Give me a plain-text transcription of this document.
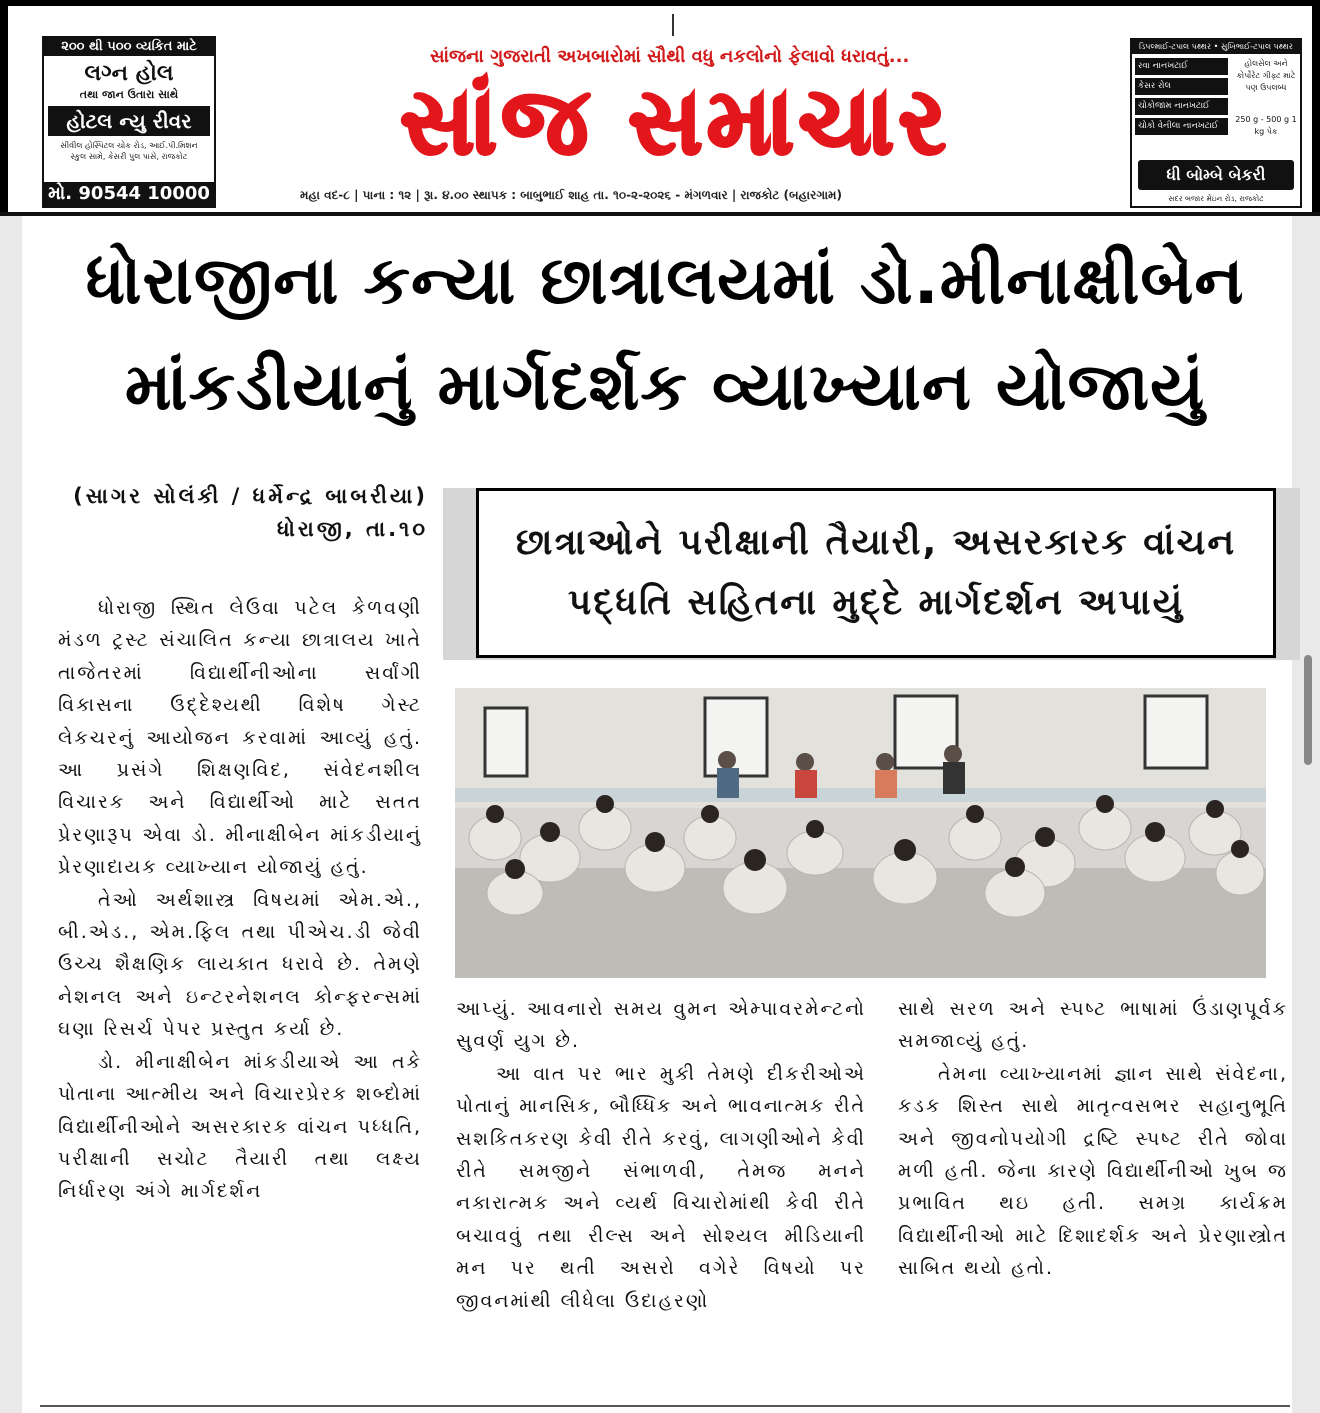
૨૦૦ થી ૫૦૦ વ્યકિત માટે
લગ્ન હોલ
તથા જાન ઉતારા સાથે
હોટલ ન્યુ રીવર
સીવીલ હોસ્પિટલ ચોક રોડ, આઈ.પી.મિશન
સ્કુલ સામે, કેસરી પુલ પાસે, રાજકોટ
મો. 90544 10000
સાંજના ગુજરાતી અખબારોમાં સૌથી વધુ નકલોનો ફેલાવો ધરાવતું...
સાંજ સમાચાર
મહા વદ-૮ | પાના : ૧૨ | રૂા. ૪.૦૦ સ્થાપક : બાબુભાઈ શાહ તા. ૧૦-૨-૨૦૨૬ - મંગળવાર | રાજકોટ (બહારગામ)
ડિપલ્માઈ-ટપાલ પથ્થર • સુખિભાઈ-ટપાલ પથ્થર
રવા નાનખટાઈ
કેસર રોલ
ચોકોજામ નાનખટાઈ
ચોકો વેનીલા નાનખટાઈ
હોલસેલ અને કોર્પોરેટ ગીફ્ટ માટે પણ ઉપલબ્ધ
250 g - 500 g 1 kg પેક
ધી બોમ્બે બેકરી
સદર બજાર મેઇન રોડ, રાજકોટ
ધોરાજીના કન્યા છાત્રાલયમાં ડો.મીનાક્ષીબેન
માંકડીયાનું માર્ગદર્શક વ્યાખ્યાન યોજાયું
(સાગર સોલંકી / ધર્મેન્દ્ર બાબરીયા)
ધોરાજી, તા.૧૦	છાત્રાઓને પરીક્ષાની તૈયારી, અસરકારક વાંચન
પદ્ધતિ સહિતના મુદ્દે માર્ગદર્શન અપાયું

ધોરાજી સ્થિત લેઉવા પટેલ કેળવણી મંડળ ટ્રસ્ટ સંચાલિત કન્યા છાત્રાલય ખાતે તાજેતરમાં વિદ્યાર્થીનીઓના સર્વાંગી વિકાસના ઉદ્દેશ્યથી વિશેષ ગેસ્ટ લેકચરનું આયોજન કરવામાં આવ્યું હતું. આ પ્રસંગે શિક્ષણવિદ, સંવેદનશીલ વિચારક અને વિદ્યાર્થીઓ માટે સતત પ્રેરણારૂપ એવા ડો. મીનાક્ષીબેન માંકડીયાનું પ્રેરણાદાયક વ્યાખ્યાન યોજાયું હતું.

તેઓ અર્થશાસ્ત્ર વિષયમાં એમ.એ., બી.એડ., એમ.ફિલ તથા પીએચ.ડી જેવી ઉચ્ચ શૈક્ષણિક લાયકાત ધરાવે છે. તેમણે નેશનલ અને ઇન્ટરનેશનલ કોન્ફરન્સમાં ઘણા રિસર્ચ પેપર પ્રસ્તુત કર્યા છે.

ડો. મીનાક્ષીબેન માંકડીયાએ આ તકે પોતાના આત્મીય અને વિચારપ્રેરક શબ્દોમાં વિદ્યાર્થીનીઓને અસરકારક વાંચન પધ્ધતિ, પરીક્ષાની સચોટ તૈયારી તથા લક્ષ્ય નિર્ધારણ અંગે માર્ગદર્શન

આપ્યું. આવનારો સમય વુમન એમ્પાવરમેન્ટનો સુવર્ણ યુગ છે.

આ વાત પર ભાર મુકી તેમણે દીકરીઓએ પોતાનું માનસિક, બૌધ્ધિક અને ભાવનાત્મક રીતે સશકિતકરણ કેવી રીતે કરવું, લાગણીઓને કેવી રીતે સમજીને સંભાળવી, તેમજ મનને નકારાત્મક અને વ્યર્થ વિચારોમાંથી કેવી રીતે બચાવવું તથા રીલ્સ અને સોશ્યલ મીડિયાની મન પર થતી અસરો વગેરે વિષયો પર જીવનમાંથી લીધેલા ઉદાહરણો

સાથે સરળ અને સ્પષ્ટ ભાષામાં ઉંડાણપૂર્વક સમજાવ્યું હતું.

તેમના વ્યાખ્યાનમાં જ્ઞાન સાથે સંવેદના, કડક શિસ્ત સાથે માતૃત્વસભર સહાનુભૂતિ અને જીવનોપયોગી દ્રષ્ટિ સ્પષ્ટ રીતે જોવા મળી હતી. જેના કારણે વિદ્યાર્થીનીઓ ખુબ જ પ્રભાવિત થઇ હતી. સમગ્ર કાર્યક્રમ વિદ્યાર્થીનીઓ માટે દિશાદર્શક અને પ્રેરણાસ્ત્રોત સાબિત થયો હતો.
